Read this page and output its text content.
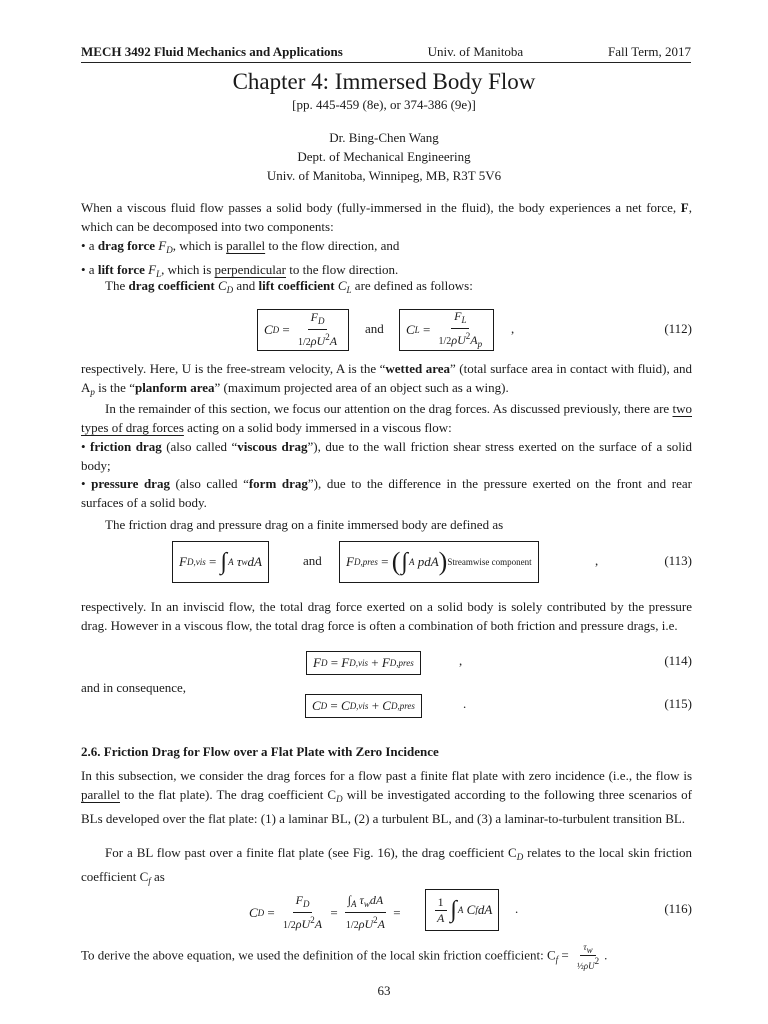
MECH 3492 Fluid Mechanics and Applications	Univ. of Manitoba	Fall Term, 2017
Chapter 4: Immersed Body Flow
[pp. 445-459 (8e), or 374-386 (9e)]
Dr. Bing-Chen Wang
Dept. of Mechanical Engineering
Univ. of Manitoba, Winnipeg, MB, R3T 5V6
When a viscous fluid flow passes a solid body (fully-immersed in the fluid), the body experiences a net force, F, which can be decomposed into two components:
• a drag force $F_D$, which is parallel to the flow direction, and
• a lift force $F_L$, which is perpendicular to the flow direction.
The drag coefficient $C_D$ and lift coefficient $C_L$ are defined as follows:
C $D = \frac{F_D}{1/2\rho U^2A}$ and C $L = \frac{F_L}{1/2\rho U^2A_p}$ ,	(112)
respectively. Here, U is the free-stream velocity, A is the “wetted area” (total surface area in contact with fluid), and $A_p$ is the “planform area” (maximum projected area of an object such as a wing).
In the remainder of this section, we focus our attention on the drag forces. As discussed previously, there are two types of drag forces acting on a solid body immersed in a viscous flow:
• friction drag (also called “viscous drag”), due to the wall friction shear stress exerted on the surface of a solid body;
• pressure drag (also called “form drag”), due to the difference in the pressure exerted on the front and rear surfaces of a solid body.
The friction drag and pressure drag on a finite immersed body are defined as
F D,vis = ∫ A
τ w dA	and F D,pres = ( ∫ A
pdA ) Streamwise component	,	(113)
respectively. In an inviscid flow, the total drag force exerted on a solid body is solely contributed by the pressure drag. However in a viscous flow, the total drag force is often a combination of both friction and pressure drags, i.e.
F D = F D,vis + F D,pres	,	(114)
and in consequence,
C D = C D,vis + C D,pres	.	(115)
2.6. Friction Drag for Flow over a Flat Plate with Zero Incidence
In this subsection, we consider the drag forces for a flow past a finite flat plate with zero incidence (i.e., the flow is parallel to the flat plate). The drag coefficient $C_D$ will be investigated according to the following three scenarios of BLs developed over the flat plate: (1) a laminar BL, (2) a turbulent BL, and (3) a laminar-to-turbulent transition BL.
For a BL flow past over a finite flat plate (see Fig. 16), the drag coefficient $C_D$ relates to the local skin friction coefficient $C_f$ as
C $D = \frac{F_D}{1/2\rho U^2A} = \frac{\int_A \tau_wdA}{1/2\rho U^2A}$ =	$\frac{1}{A}$ ∫ A
C f dA .	(116)
To derive the above equation, we used the definition of the local skin friction coefficient: $C_f = \frac{\tau w}{\text{½ρU2}}$ .
63
